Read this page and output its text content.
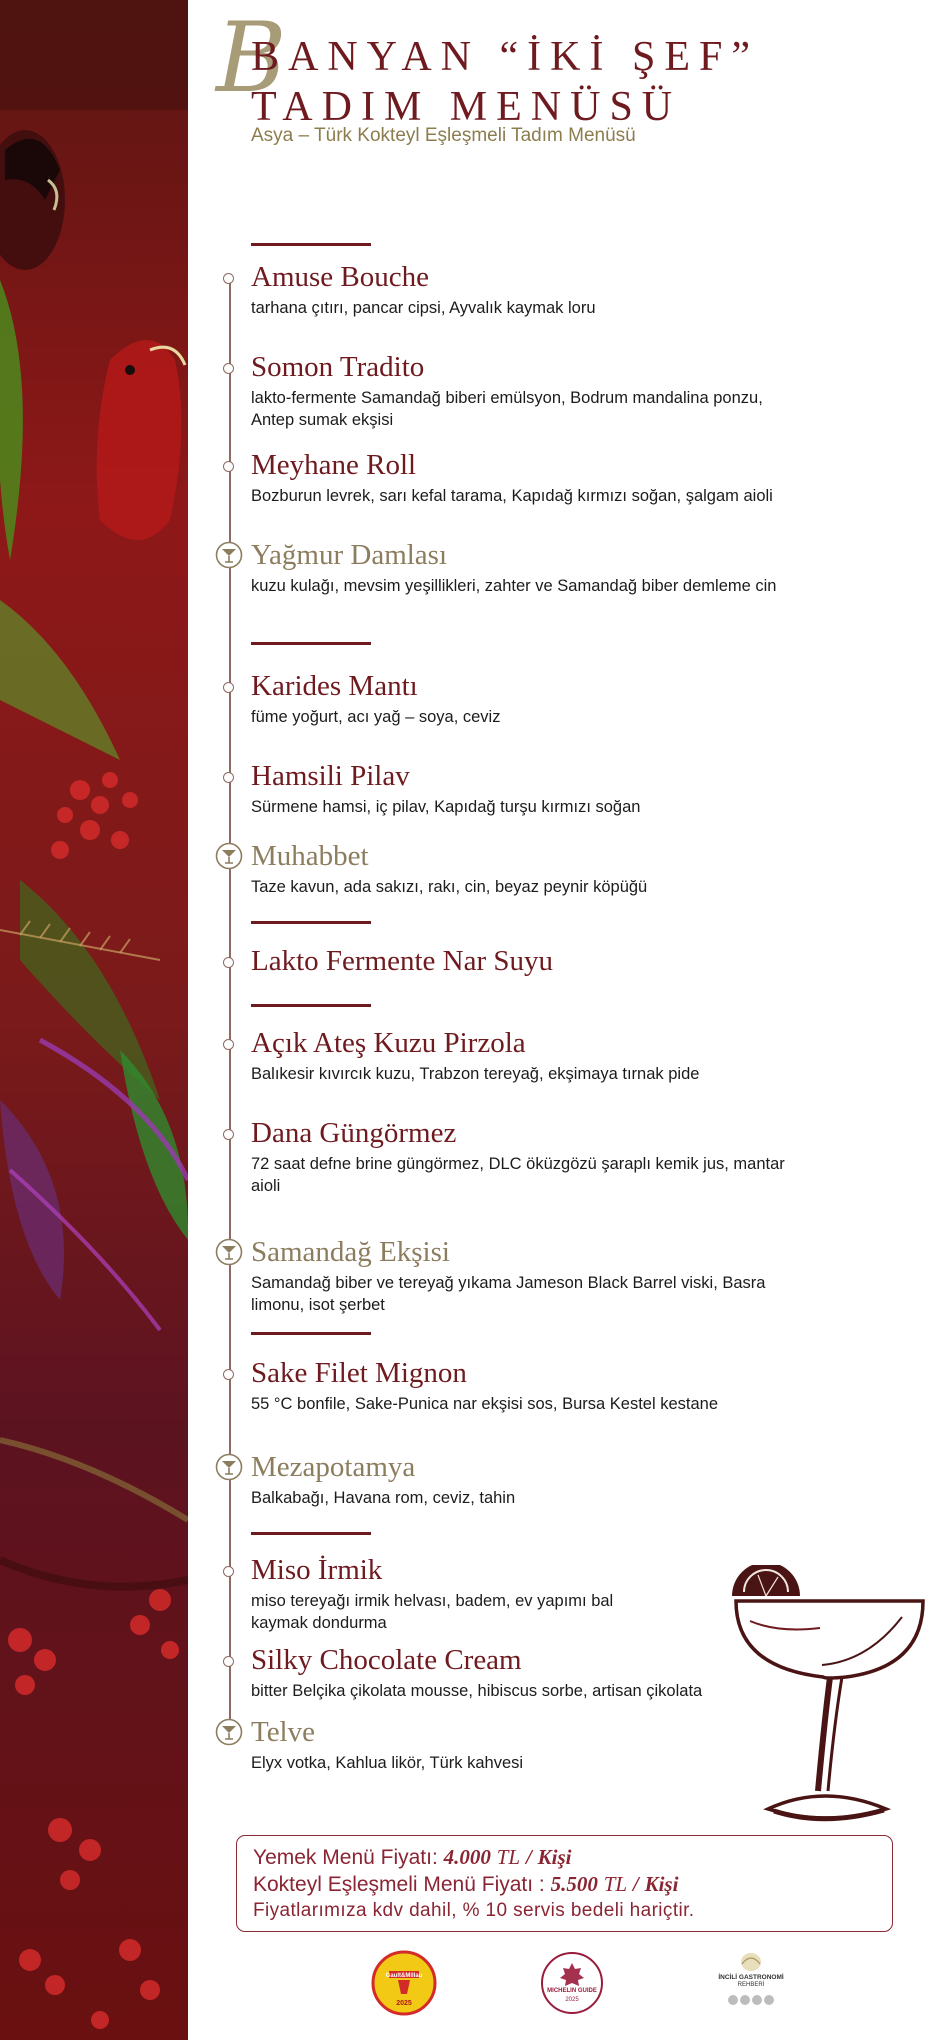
B
BANYAN “İKİ ŞEF”
TADIM MENÜSÜ
Asya – Türk Kokteyl Eşleşmeli Tadım Menüsü
Amuse Bouche
tarhana çıtırı, pancar cipsi, Ayvalık kaymak loru
Somon Tradito
lakto-fermente Samandağ biberi emülsyon, Bodrum mandalina ponzu, Antep sumak ekşisi
Meyhane Roll
Bozburun levrek, sarı kefal tarama, Kapıdağ kırmızı soğan, şalgam aioli
Yağmur Damlası
kuzu kulağı, mevsim yeşillikleri, zahter ve Samandağ biber demleme cin
Karides Mantı
füme yoğurt, acı yağ – soya, ceviz
Hamsili Pilav
Sürmene hamsi, iç pilav, Kapıdağ turşu kırmızı soğan
Muhabbet
Taze kavun, ada sakızı, rakı, cin, beyaz peynir köpüğü
Lakto Fermente Nar Suyu
Açık Ateş Kuzu Pirzola
Balıkesir kıvırcık kuzu, Trabzon tereyağ, ekşimaya tırnak pide
Dana Güngörmez
72 saat defne brine güngörmez, DLC öküzgözü şaraplı kemik jus, mantar aioli
Samandağ Ekşisi
Samandağ biber ve tereyağ yıkama Jameson Black Barrel viski, Basra limonu, isot şerbet
Sake Filet Mignon
55 °C bonfile, Sake-Punica nar ekşisi sos, Bursa Kestel kestane
Mezapotamya
Balkabağı, Havana rom, ceviz, tahin
Miso İrmik
miso tereyağı irmik helvası, badem, ev yapımı bal kaymak dondurma
Silky Chocolate Cream
bitter Belçika çikolata mousse, hibiscus sorbe, artisan çikolata
Telve
Elyx votka, Kahlua likör, Türk kahvesi
Yemek Menü Fiyatı: 4.000 TL / Kişi
Kokteyl Eşleşmeli Menü Fiyatı : 5.500 TL / Kişi
Fiyatlarımıza kdv dahil, % 10 servis bedeli hariçtir.
Gault&Millau
2025
MICHELIN GUIDE
2025
İNCİLİ GASTRONOMİ
REHBERİ
